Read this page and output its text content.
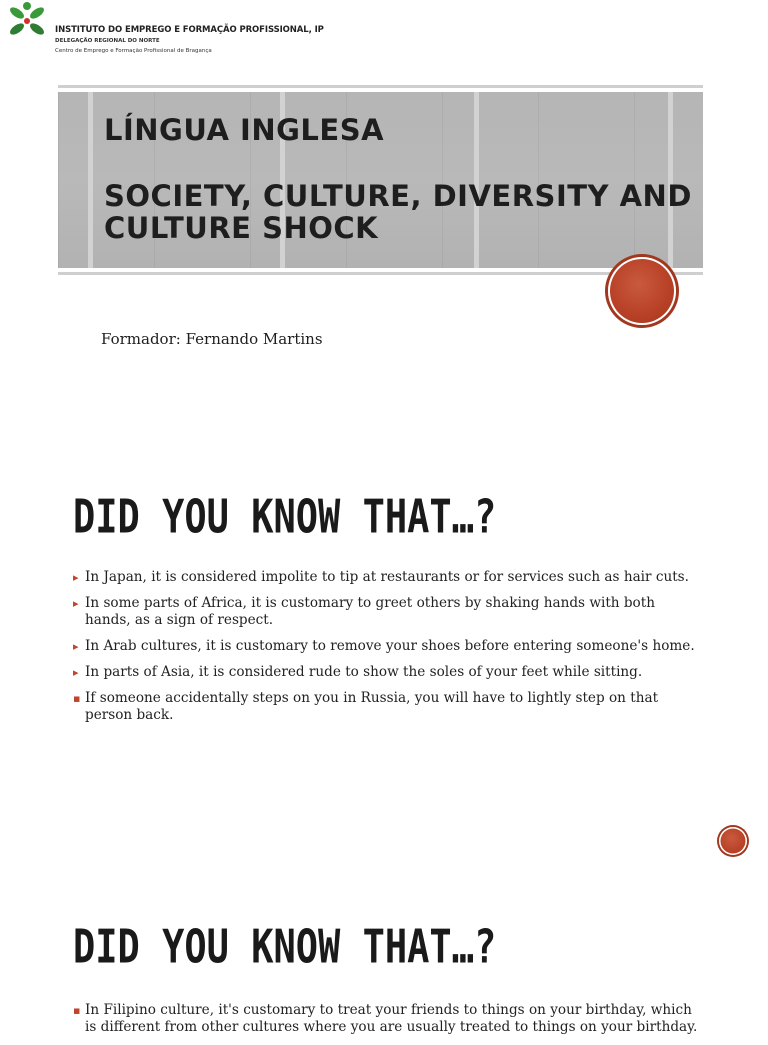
INSTITUTO DO EMPREGO E FORMAÇÃO PROFISSIONAL, IP
DELEGAÇÃO REGIONAL DO NORTE
Centro de Emprego e Formação Profissional de Bragança
LÍNGUA INGLESA
SOCIETY, CULTURE, DIVERSITY AND CULTURE SHOCK
Formador: Fernando Martins
DID YOU KNOW THAT…?
▸ In Japan, it is considered impolite to tip at restaurants or for services such as hair cuts.
▸ In some parts of Africa, it is customary to greet others by shaking hands with both hands, as a sign of respect.
▸ In Arab cultures, it is customary to remove your shoes before entering someone's home.
▸ In parts of Asia, it is considered rude to show the soles of your feet while sitting.
▪ If someone accidentally steps on you in Russia, you will have to lightly step on that person back.
DID YOU KNOW THAT…?
▪ In Filipino culture, it's customary to treat your friends to things on your birthday, which is different from other cultures where you are usually treated to things on your birthday.
